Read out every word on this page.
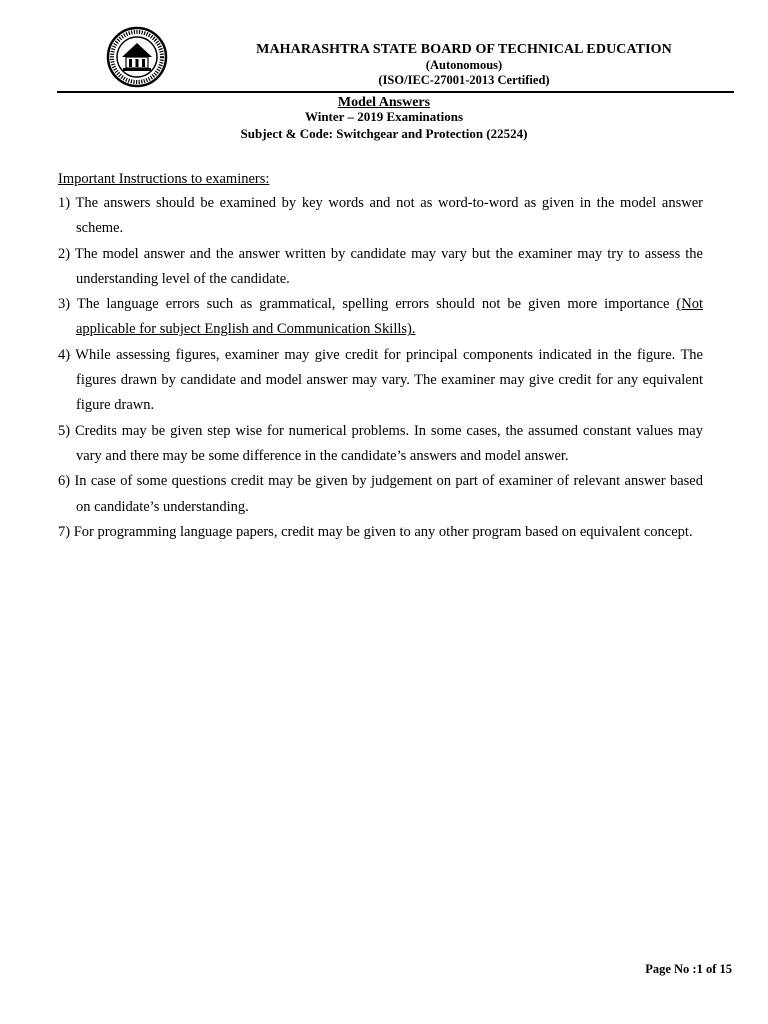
MAHARASHTRA STATE BOARD OF TECHNICAL EDUCATION
(Autonomous)
(ISO/IEC-27001-2013 Certified)
Model Answers
Winter – 2019 Examinations
Subject & Code: Switchgear and Protection (22524)
Important Instructions to examiners:
1) The answers should be examined by key words and not as word-to-word as given in the model answer scheme.
2) The model answer and the answer written by candidate may vary but the examiner may try to assess the understanding level of the candidate.
3) The language errors such as grammatical, spelling errors should not be given more importance (Not applicable for subject English and Communication Skills).
4) While assessing figures, examiner may give credit for principal components indicated in the figure. The figures drawn by candidate and model answer may vary. The examiner may give credit for any equivalent figure drawn.
5) Credits may be given step wise for numerical problems. In some cases, the assumed constant values may vary and there may be some difference in the candidate’s answers and model answer.
6) In case of some questions credit may be given by judgement on part of examiner of relevant answer based on candidate’s understanding.
7) For programming language papers, credit may be given to any other program based on equivalent concept.
Page No :1 of 15
